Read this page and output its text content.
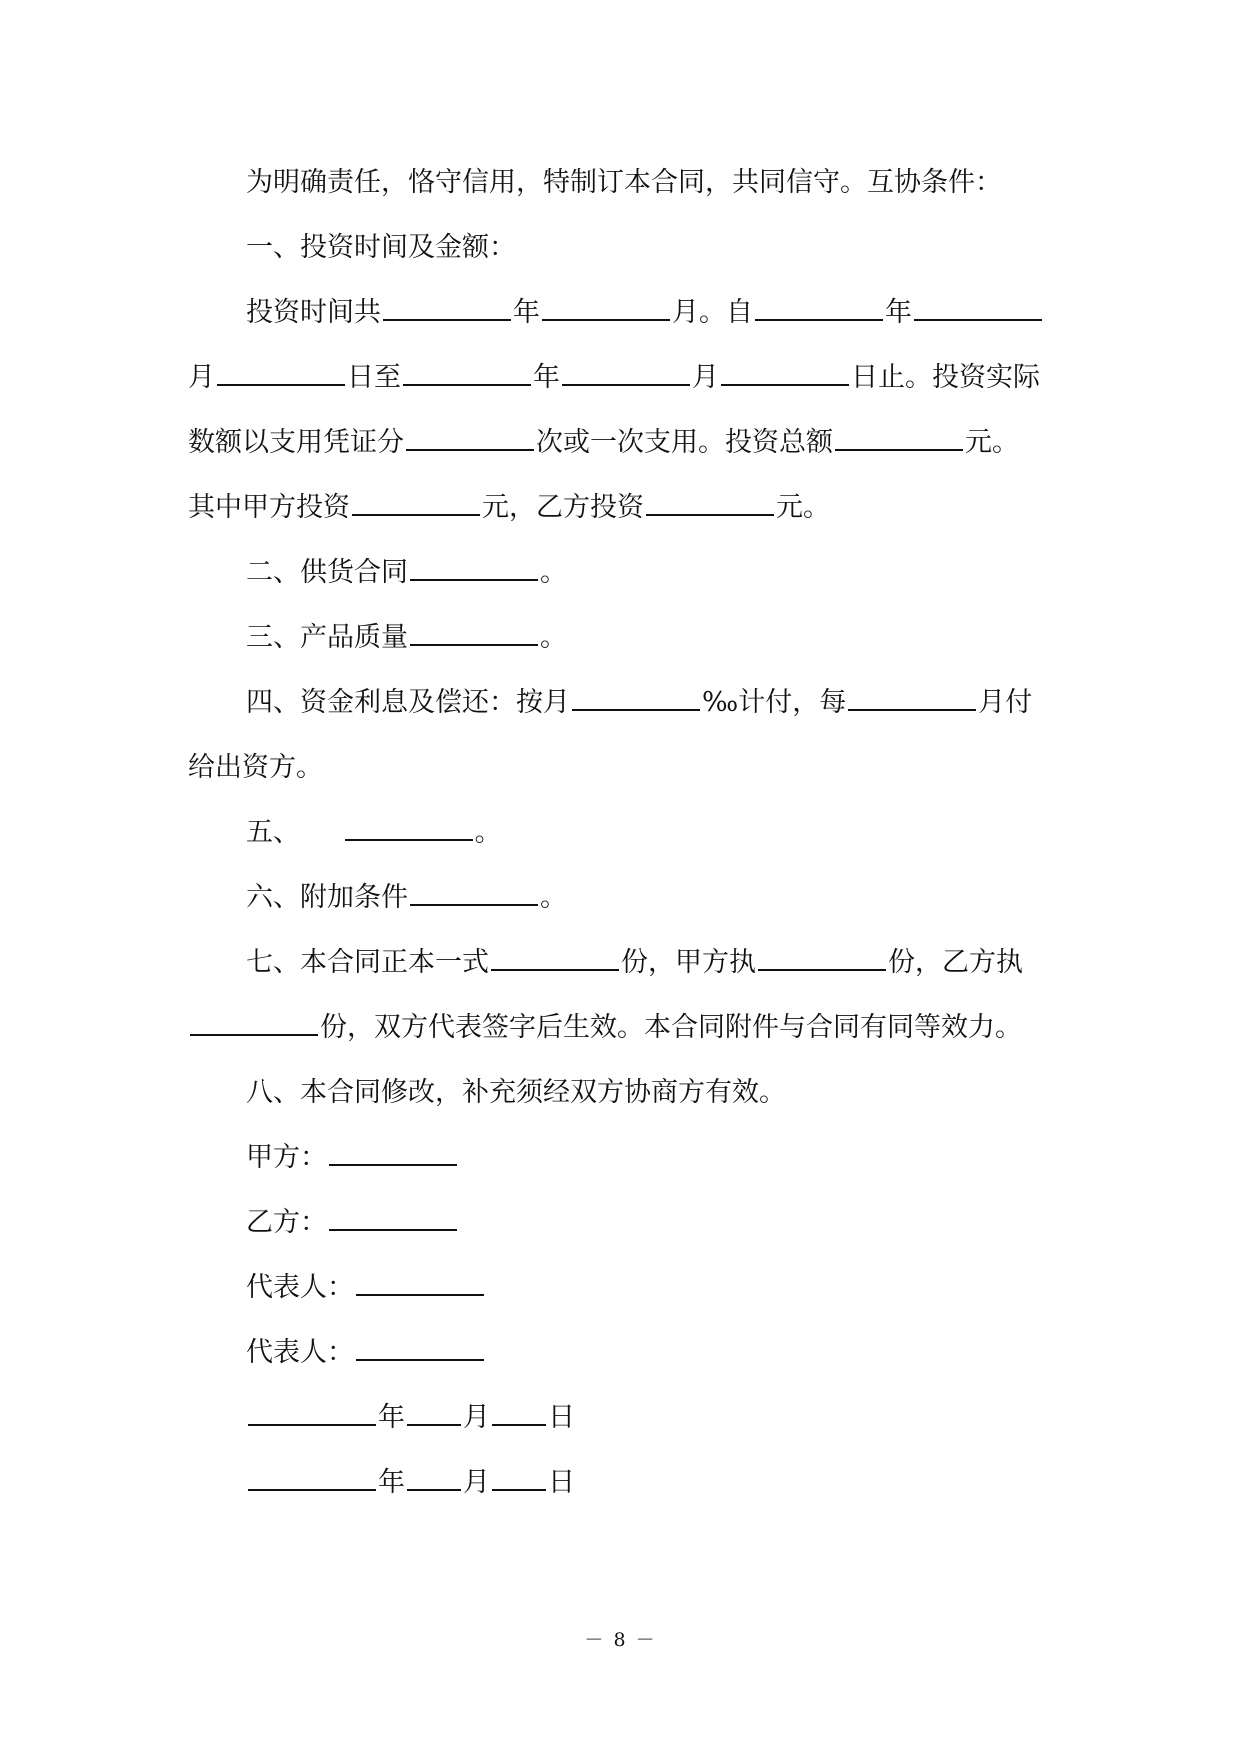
为明确责任，恪守信用，特制订本合同，共同信守。互协条件：
一、投资时间及金额：
投资时间共	年	月。自	年
月	日至	年	月	日止。投资实际
数额以支用凭证分	次或一次支用。投资总额	元。
其中甲方投资	元，乙方投资	元。
二、供货合同	。
三、产品质量	。
四、资金利息及偿还：按月	‰计付，每	月付
给出资方。
五、	。
六、附加条件	。
七、本合同正本一式	份，甲方执	份，乙方执
份，双方代表签字后生效。本合同附件与合同有同等效力。
八、本合同修改，补充须经双方协商方有效。
甲方：
乙方：
代表人：
代表人：
年 月 日
年 月 日
－ 8 －
